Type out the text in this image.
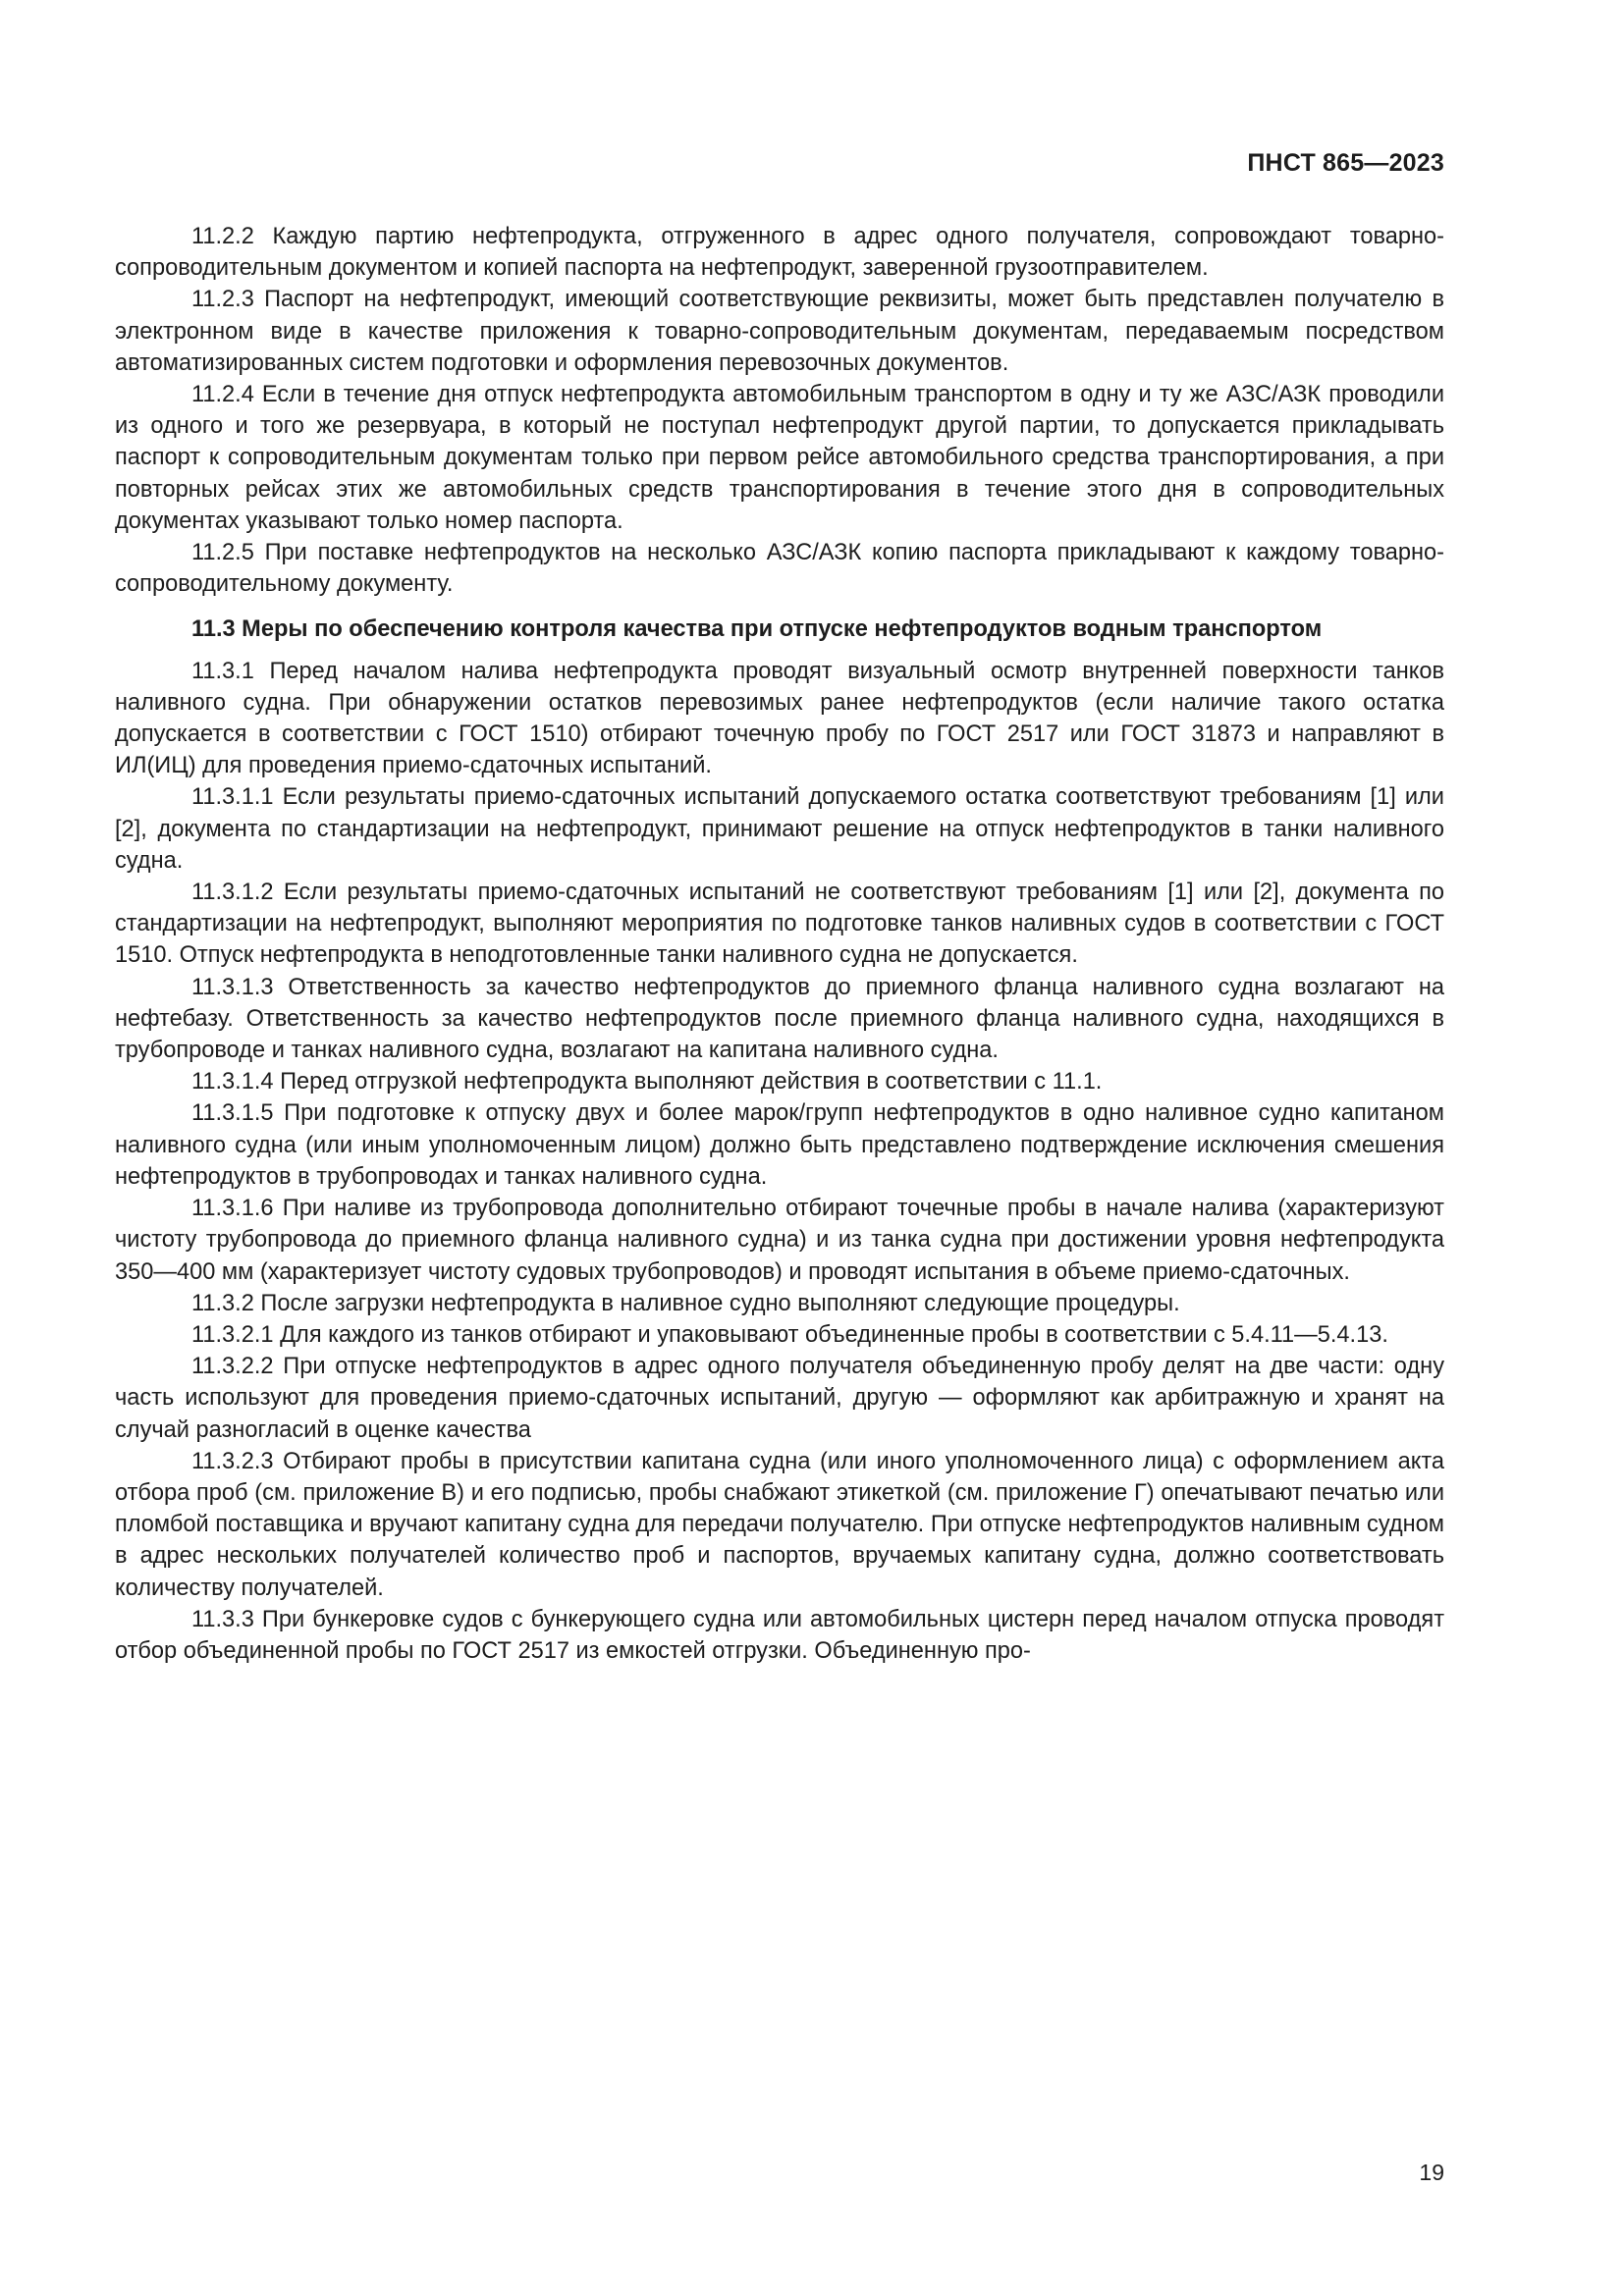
ПНСТ 865—2023

11.2.2 Каждую партию нефтепродукта, отгруженного в адрес одного получателя, сопровождают товарно-сопроводительным документом и копией паспорта на нефтепродукт, заверенной грузоотправителем.

11.2.3 Паспорт на нефтепродукт, имеющий соответствующие реквизиты, может быть представлен получателю в электронном виде в качестве приложения к товарно-сопроводительным документам, передаваемым посредством автоматизированных систем подготовки и оформления перевозочных документов.

11.2.4 Если в течение дня отпуск нефтепродукта автомобильным транспортом в одну и ту же АЗС/АЗК проводили из одного и того же резервуара, в который не поступал нефтепродукт другой партии, то допускается прикладывать паспорт к сопроводительным документам только при первом рейсе автомобильного средства транспортирования, а при повторных рейсах этих же автомобильных средств транспортирования в течение этого дня в сопроводительных документах указывают только номер паспорта.

11.2.5 При поставке нефтепродуктов на несколько АЗС/АЗК копию паспорта прикладывают к каждому товарно-сопроводительному документу.

11.3 Меры по обеспечению контроля качества при отпуске нефтепродуктов водным транспортом

11.3.1 Перед началом налива нефтепродукта проводят визуальный осмотр внутренней поверхности танков наливного судна. При обнаружении остатков перевозимых ранее нефтепродуктов (если наличие такого остатка допускается в соответствии с ГОСТ 1510) отбирают точечную пробу по ГОСТ 2517 или ГОСТ 31873 и направляют в ИЛ(ИЦ) для проведения приемо-сдаточных испытаний.

11.3.1.1 Если результаты приемо-сдаточных испытаний допускаемого остатка соответствуют требованиям [1] или [2], документа по стандартизации на нефтепродукт, принимают решение на отпуск нефтепродуктов в танки наливного судна.

11.3.1.2 Если результаты приемо-сдаточных испытаний не соответствуют требованиям [1] или [2], документа по стандартизации на нефтепродукт, выполняют мероприятия по подготовке танков наливных судов в соответствии с ГОСТ 1510. Отпуск нефтепродукта в неподготовленные танки наливного судна не допускается.

11.3.1.3 Ответственность за качество нефтепродуктов до приемного фланца наливного судна возлагают на нефтебазу. Ответственность за качество нефтепродуктов после приемного фланца наливного судна, находящихся в трубопроводе и танках наливного судна, возлагают на капитана наливного судна.

11.3.1.4 Перед отгрузкой нефтепродукта выполняют действия в соответствии с 11.1.

11.3.1.5 При подготовке к отпуску двух и более марок/групп нефтепродуктов в одно наливное судно капитаном наливного судна (или иным уполномоченным лицом) должно быть представлено подтверждение исключения смешения нефтепродуктов в трубопроводах и танках наливного судна.

11.3.1.6 При наливе из трубопровода дополнительно отбирают точечные пробы в начале налива (характеризуют чистоту трубопровода до приемного фланца наливного судна) и из танка судна при достижении уровня нефтепродукта 350—400 мм (характеризует чистоту судовых трубопроводов) и проводят испытания в объеме приемо-сдаточных.

11.3.2 После загрузки нефтепродукта в наливное судно выполняют следующие процедуры.

11.3.2.1 Для каждого из танков отбирают и упаковывают объединенные пробы в соответствии с 5.4.11—5.4.13.

11.3.2.2 При отпуске нефтепродуктов в адрес одного получателя объединенную пробу делят на две части: одну часть используют для проведения приемо-сдаточных испытаний, другую — оформляют как арбитражную и хранят на случай разногласий в оценке качества

11.3.2.3 Отбирают пробы в присутствии капитана судна (или иного уполномоченного лица) с оформлением акта отбора проб (см. приложение В) и его подписью, пробы снабжают этикеткой (см. приложение Г) опечатывают печатью или пломбой поставщика и вручают капитану судна для передачи получателю. При отпуске нефтепродуктов наливным судном в адрес нескольких получателей количество проб и паспортов, вручаемых капитану судна, должно соответствовать количеству получателей.

11.3.3 При бункеровке судов с бункерующего судна или автомобильных цистерн перед началом отпуска проводят отбор объединенной пробы по ГОСТ 2517 из емкостей отгрузки. Объединенную про-

19
